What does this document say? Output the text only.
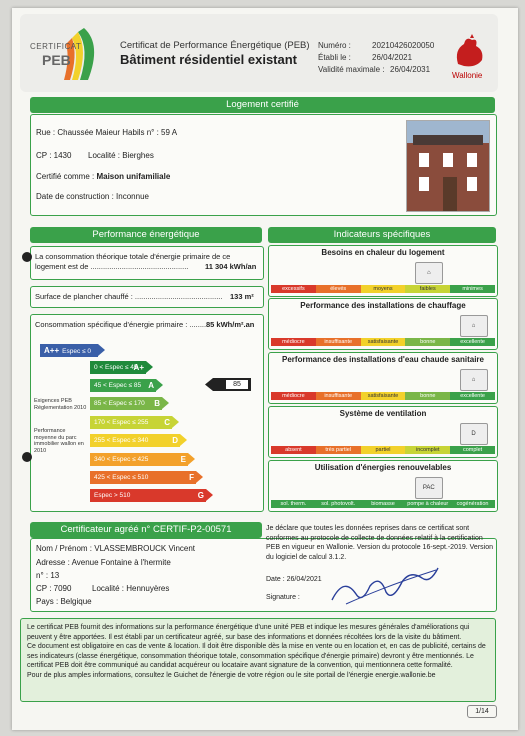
CERTIFICAT
PEB
Certificat de Performance Énergétique (PEB)
Bâtiment résidentiel existant
Numéro :	20210426020050
Établi le :	26/04/2021
Validité maximale : 26/04/2031
Wallonie
Logement certifié
Rue : Chaussée Maieur Habils n° : 59 A
CP : 1430 Localité : Bierghes
Certifié comme : Maison unifamiliale
Date de construction : Inconnue
Performance énergétique
La consommation théorique totale d'énergie primaire de ce logement est de ...............................................	11 304 kWh/an
Surface de plancher chauffé : .......................................... 133 m²
Consommation spécifique d'énergie primaire : .........
85 kWh/m².an
Exigences PEB Réglementation 2010
Performance moyenne du parc immobilier wallon en 2010
A++ Espec ≤ 0
0 < Espec ≤ 45
A+
45 < Espec ≤ 85 A
85 < Espec ≤ 170 B
170 < Espec ≤ 255 C
255 < Espec ≤ 340	D
340 < Espec ≤ 425	E
425 < Espec ≤ 510	F
Espec > 510	G
85
Indicateurs spécifiques
Besoins en chaleur du logement
excessifs	élevés	moyens	faibles	minimes
⌂
Performance des installations de chauffage
médiocre	insuffisante	satisfaisante	bonne	excellente
⌂
Performance des installations d'eau chaude sanitaire
médiocre	insuffisante	satisfaisante	bonne	excellente
⌂
Système de ventilation
absent	très partiel	partiel	incomplet	complet
D
Utilisation d'énergies renouvelables
sol. therm.	sol. photovolt.	biomasse	pompe à chaleur	cogénération
PAC
Certificateur agréé n° CERTIF-P2-00571
Nom / Prénom : VLASSEMBROUCK Vincent
Adresse : Avenue Fontaine à l'hermite
n° : 13
CP : 7090	Localité : Hennuyères
Pays : Belgique
Je déclare que toutes les données reprises dans ce certificat sont conformes au protocole de collecte de données relatif à la certification PEB en vigueur en Wallonie. Version du protocole 16-sept.-2019. Version du logiciel de calcul 3.1.2.
Date : 26/04/2021
Signature :
Le certificat PEB fournit des informations sur la performance énergétique d'une unité PEB et indique les mesures générales d'améliorations qui peuvent y être apportées. Il est établi par un certificateur agréé, sur base des informations et données récoltées lors de la visite du bâtiment.
Ce document est obligatoire en cas de vente & location. Il doit être disponible dès la mise en vente ou en location et, en cas de publicité, certains de ses indicateurs (classe énergétique, consommation théorique totale, consommation spécifique d'énergie primaire) devront y être mentionnés. Le certificat PEB doit être communiqué au candidat acquéreur ou locataire avant signature de la convention, qui mentionnera cette formalité.
Pour de plus amples informations, consultez le Guichet de l'énergie de votre région ou le site portail de l'énergie energie.wallonie.be
1/14
